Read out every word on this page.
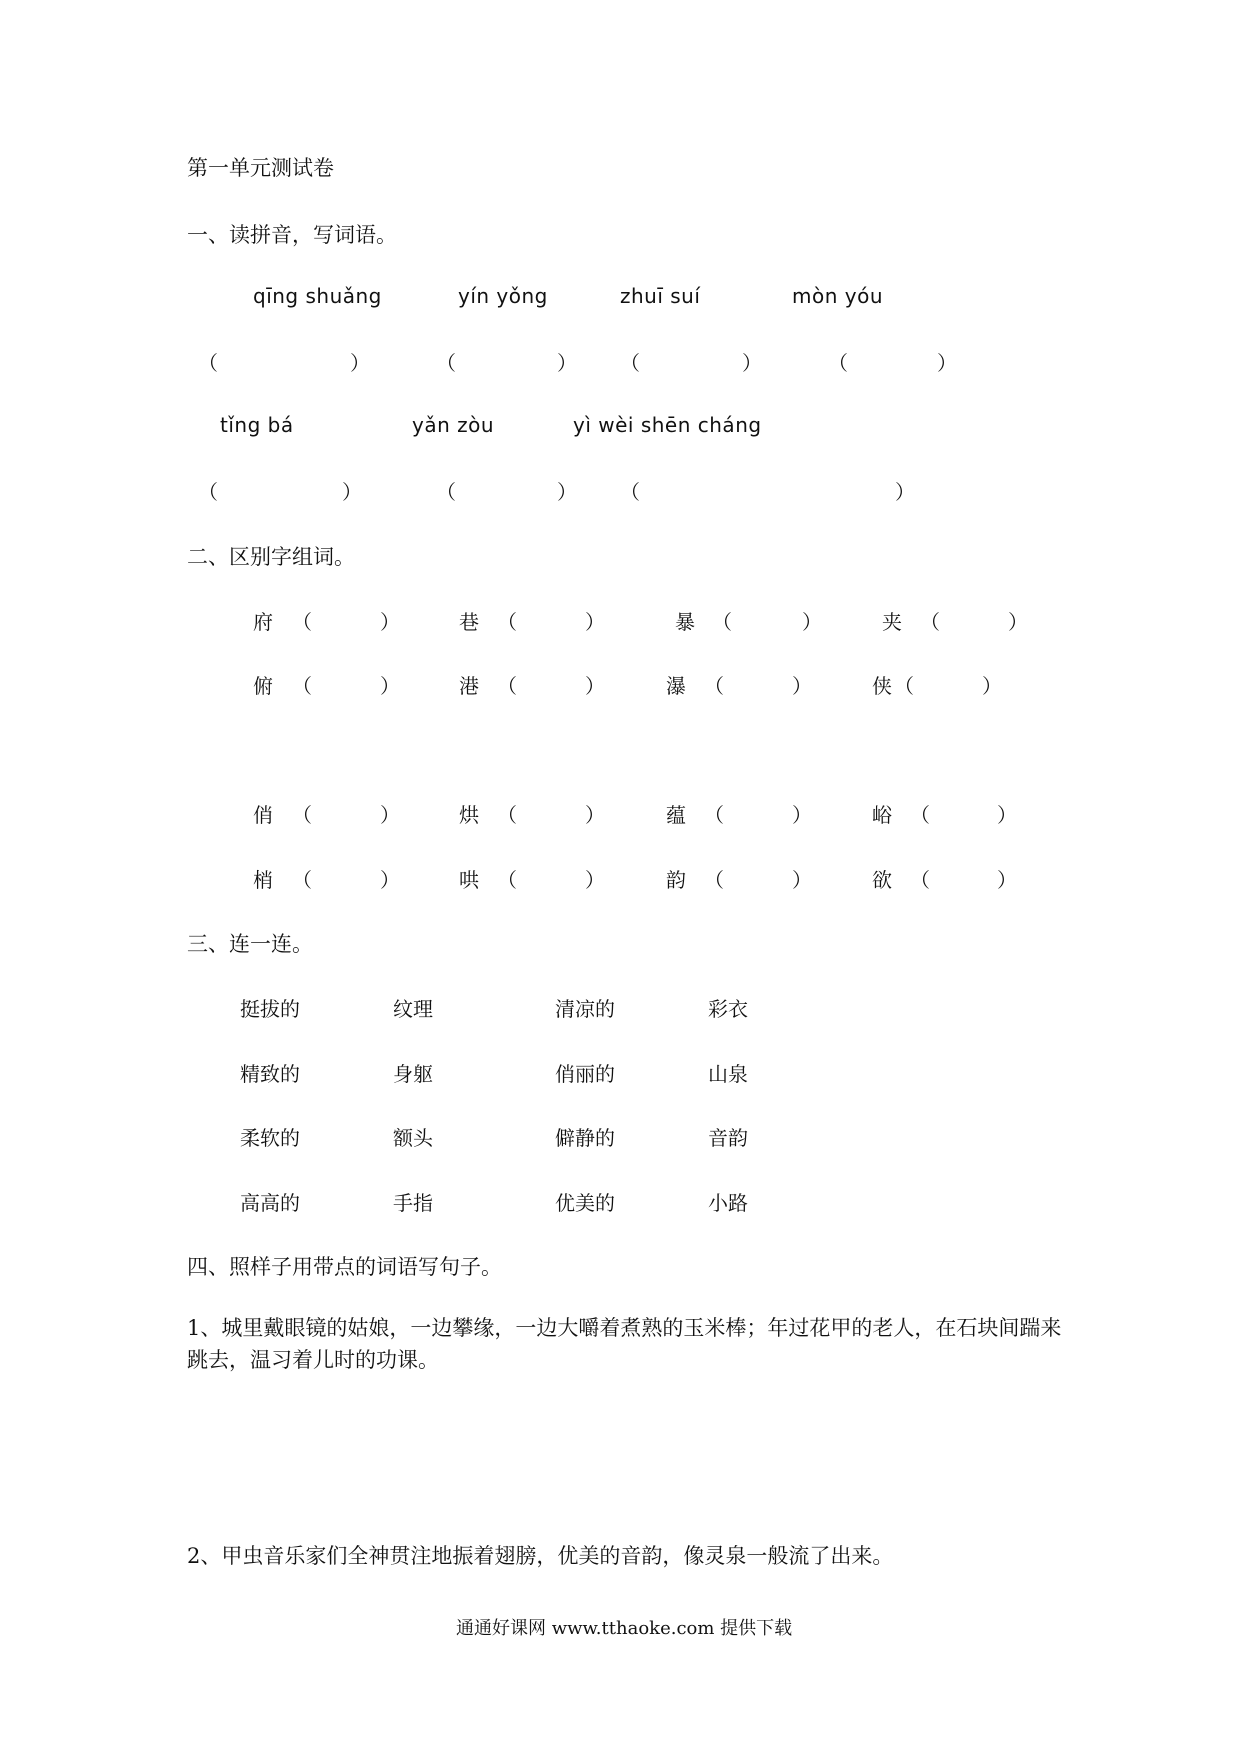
第一单元测试卷
一、读拼音，写词语。
qīng shuǎng	yín yǒng	zhuī suí	mòn yóu
（	）	（	） （	）	（	）
tǐng bá	yǎn zòu	yì wèi shēn cháng
（	）	（	） （	）
二、区别字组词。
府 （	）	巷 （	）	暴 （	）	夹 （	）
俯 （	）	港 （	）	瀑 （	）	侠 （	）
俏 （	）	烘 （	）	蕴 （	）	峪 （	）
梢 （	）	哄 （	）	韵 （	）	欲 （	）
三、连一连。
挺拔的	纹理	清凉的	彩衣
精致的	身躯	俏丽的	山泉
柔软的	额头	僻静的	音韵
高高的	手指	优美的	小路
四、照样子用带点的词语写句子。
1、城里戴眼镜的姑娘，一边攀缘，一边大嚼着煮熟的玉米棒；年过花甲的老人，在石块间踹来跳去，温习着儿时的功课。
2、甲虫音乐家们全神贯注地振着翅膀，优美的音韵，像灵泉一般流了出来。
通通好课网 www.tthaoke.com 提供下载
